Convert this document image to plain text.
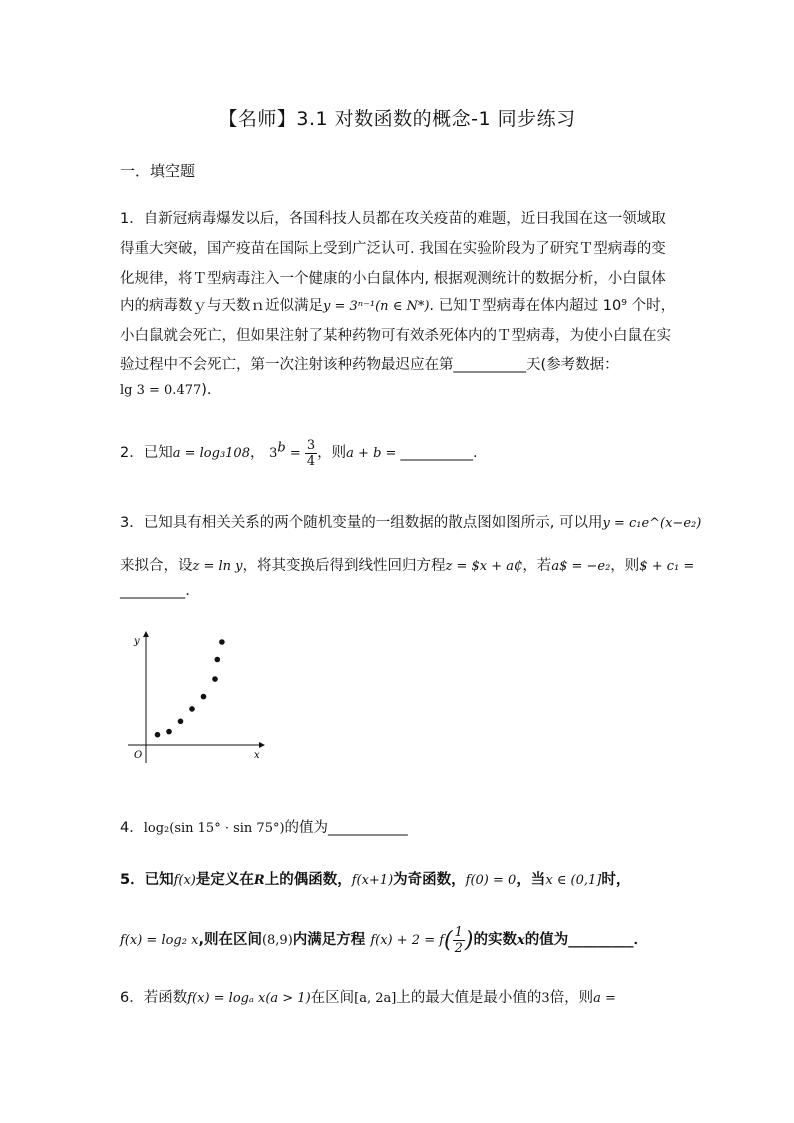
【名师】3.1 对数函数的概念-1 同步练习
一．填空题
1．自新冠病毒爆发以后，各国科技人员都在攻关疫苗的难题，近日我国在这一领域取
得重大突破，国产疫苗在国际上受到广泛认可. 我国在实验阶段为了研究Ｔ型病毒的变
化规律，将Ｔ型病毒注入一个健康的小白鼠体内, 根据观测统计的数据分析，小白鼠体
内的病毒数ｙ与天数ｎ近似满足y = 3ⁿ⁻¹(n ∈ N*). 已知Ｔ型病毒在体内超过 10⁹ 个时，
小白鼠就会死亡，但如果注射了某种药物可有效杀死体内的Ｔ型病毒，为使小白鼠在实
验过程中不会死亡，第一次注射该种药物最迟应在第__________天(参考数据：
lg 3 = 0.477).
2．已知a = log₃108， $3^b = \frac{3}{4}$ ，则a + b = __________.
3．已知具有相关关系的两个随机变量的一组数据的散点图如图所示, 可以用y = c₁e^(x−e₂)
来拟合，设z = ln y，将其变换后得到线性回归方程z = $x + a₵，若a$ = −e₂，则$ + c₁ =
_________.
y
x
O
4．log₂(sin 15° · sin 75°)的值为___________
5．已知f(x)是定义在R上的偶函数，f(x+1)为奇函数，f(0) = 0，当x ∈ (0,1]时，
f(x) = log₂ x,则在区间(8,9)内满足方程 $f(x) + 2 = f( \frac{1}{2}$ )的实数x的值为_________．
6．若函数f(x) = logₐ x(a > 1)在区间[a, 2a]上的最大值是最小值的3倍，则a =
